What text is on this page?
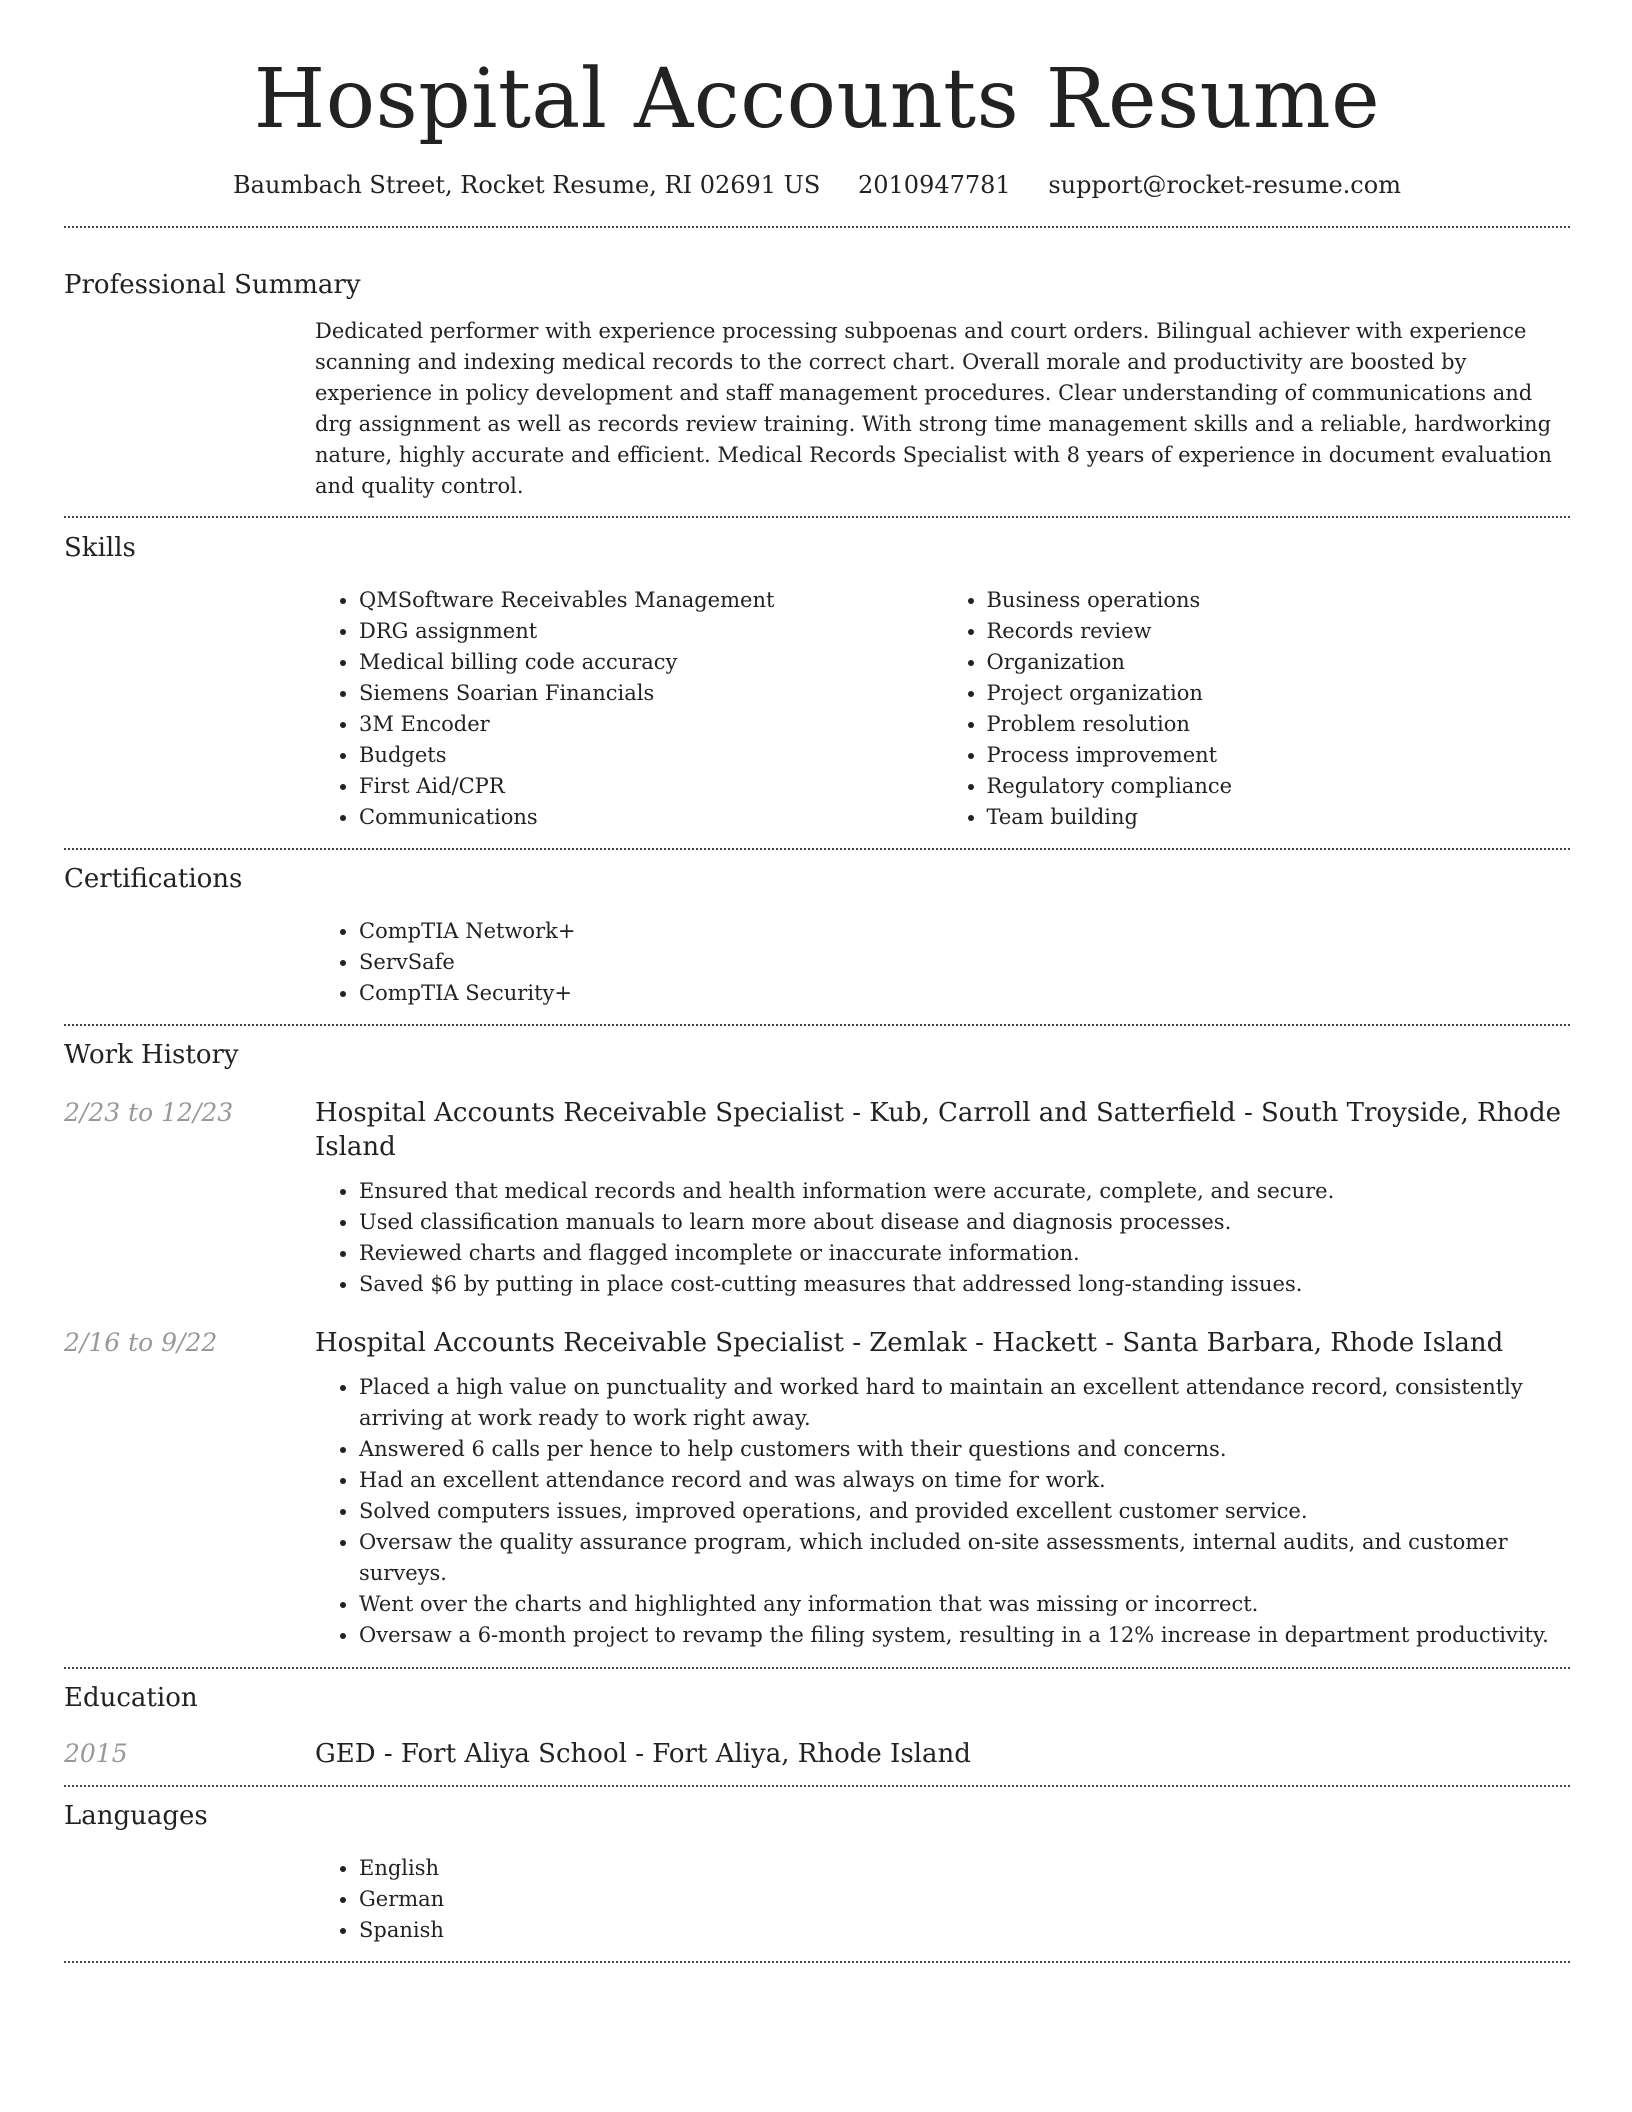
Hospital Accounts Resume
Baumbach Street, Rocket Resume, RI 02691 US 2010947781 support@rocket-resume.com
Professional Summary

Dedicated performer with experience processing subpoenas and court orders. Bilingual achiever with experience scanning and indexing medical records to the correct chart. Overall morale and productivity are boosted by experience in policy development and staff management procedures. Clear understanding of communications and drg assignment as well as records review training. With strong time management skills and a reliable, hardworking nature, highly accurate and efficient. Medical Records Specialist with 8 years of experience in document evaluation and quality control.

Skills
• QMSoftware Receivables Management
• DRG assignment
• Medical billing code accuracy
• Siemens Soarian Financials
• 3M Encoder
• Budgets
• First Aid/CPR
• Communications
• Business operations
• Records review
• Organization
• Project organization
• Problem resolution
• Process improvement
• Regulatory compliance
• Team building
Certifications
• CompTIA Network+
• ServSafe
• CompTIA Security+
Work History
2/23 to 12/23	Hospital Accounts Receivable Specialist - Kub, Carroll and Satterfield - South Troyside, Rhode Island
• Ensured that medical records and health information were accurate, complete, and secure.
• Used classification manuals to learn more about disease and diagnosis processes.
• Reviewed charts and flagged incomplete or inaccurate information.
• Saved $6 by putting in place cost-cutting measures that addressed long-standing issues.
2/16 to 9/22	Hospital Accounts Receivable Specialist - Zemlak - Hackett - Santa Barbara, Rhode Island
• Placed a high value on punctuality and worked hard to maintain an excellent attendance record, consistently arriving at work ready to work right away.
• Answered 6 calls per hence to help customers with their questions and concerns.
• Had an excellent attendance record and was always on time for work.
• Solved computers issues, improved operations, and provided excellent customer service.
• Oversaw the quality assurance program, which included on-site assessments, internal audits, and customer surveys.
• Went over the charts and highlighted any information that was missing or incorrect.
• Oversaw a 6-month project to revamp the filing system, resulting in a 12% increase in department productivity.
Education
2015	GED - Fort Aliya School - Fort Aliya, Rhode Island
Languages
• English
• German
• Spanish
